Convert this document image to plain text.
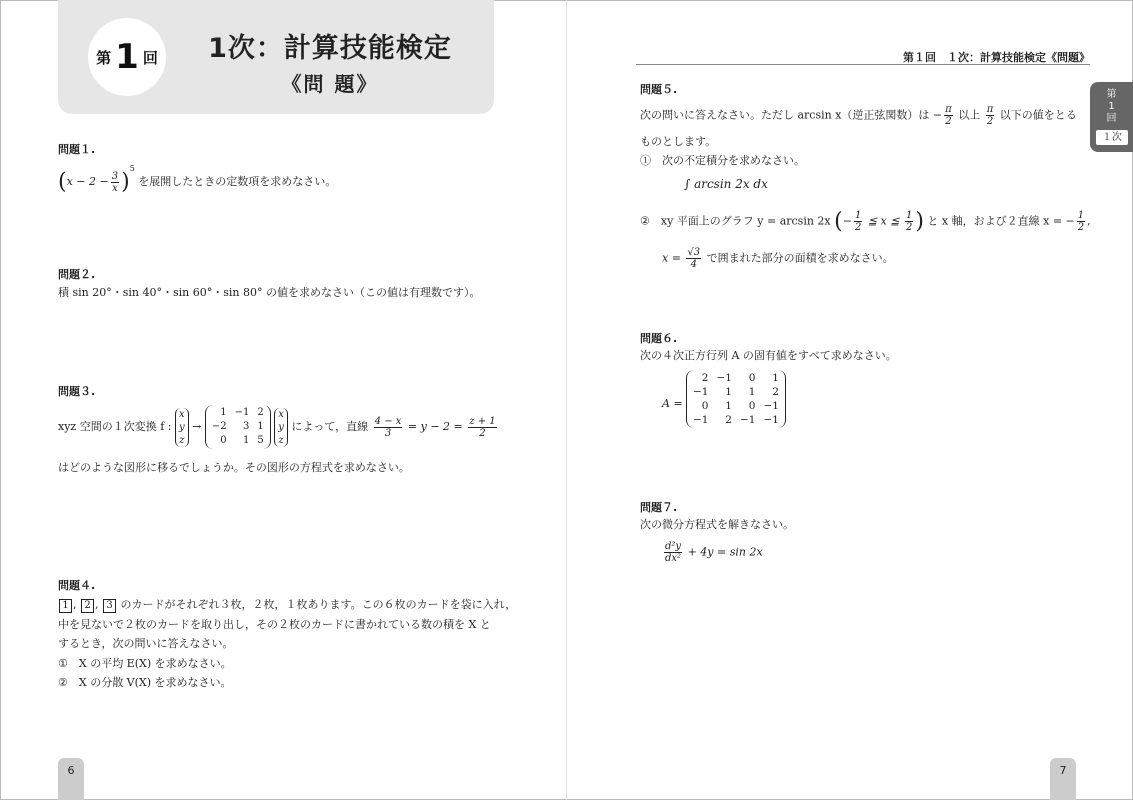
第 1 回 1次：計算技能検定
《問 題》
第１回　１次：計算技能検定《問題》
第
1
回
１次
問題１.
$(x - 2 - \frac{3}{x} )^5$ を展開したときの定数項を求めなさい。
問題２.
積 sin 20°・sin 40°・sin 60°・sin 80° の値を求めなさい（この値は有理数です）。
問題３.
xyz 空間の１次変換 f :
x
y
z
→ 1	−1	2
−2	3	1
0	1	5
x
y
z
によって，直線 $\frac{4 - x}{3} = y - 2 = \frac{z + 1}{2}$
はどのような図形に移るでしょうか。その図形の方程式を求めなさい。
問題４.
1 , 2 , 3 のカードがそれぞれ３枚，２枚，１枚あります。この６枚のカードを袋に入れ，
中を見ないで２枚のカードを取り出し，その２枚のカードに書かれている数の積を X と
するとき，次の問いに答えなさい。
①　X の平均 E(X) を求めなさい。
②　X の分散 V(X) を求めなさい。
問題５.
次の問いに答えなさい。ただし arcsin x（逆正弦関数）は − $\frac{\pi}{2}$ 以上 $\frac{\pi}{2}$ 以下の値をとる
ものとします。
①　次の不定積分を求めなさい。
∫ arcsin 2x dx
②　xy 平面上のグラフ y = arcsin 2x (− $\frac{1}{2}$ ≦ x ≦ $\frac{1}{2}$ ) と x 軸，および２直線 x = − $\frac{1}{2}$ ,
$x = \frac{√3}{4}$ で囲まれた部分の面積を求めなさい。
問題６.
次の４次正方行列 A の固有値をすべて求めなさい。
A =
2	−1	0	1
−1	1	1	2
0	1	0	−1
−1	2	−1	−1
問題７.
次の微分方程式を解きなさい。
$\frac{\text{d²y}}{\text{dx²}} + 4y = \sin 2x$
6	7
